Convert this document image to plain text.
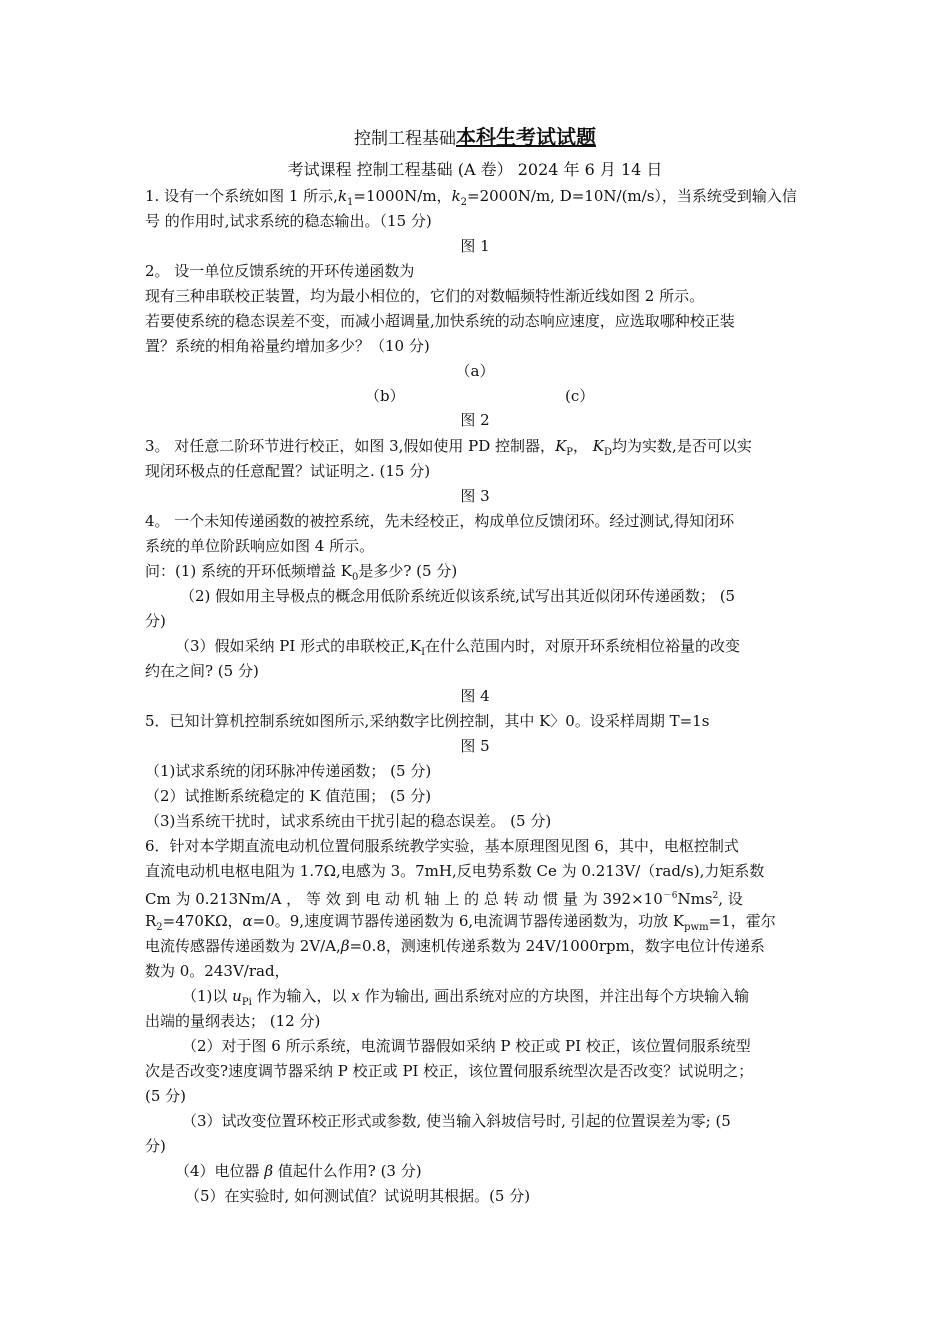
控制工程基础本科生考试试题
考试课程 控制工程基础 (A 卷） 2024 年 6 月 14 日
1. 设有一个系统如图 1 所示$,k_1=1000N/m$，$k_2=2000N/m$, D=10N/(m/s），当系统受到输入信
号 的作用时,试求系统的稳态输出。（15 分)
图 1
2。 设一单位反馈系统的开环传递函数为
现有三种串联校正装置，均为最小相位的，它们的对数幅频特性渐近线如图 2 所示。
若要使系统的稳态误差不变，而减小超调量,加快系统的动态响应速度，应选取哪种校正装
置？系统的相角裕量约增加多少？（10 分)
（a）
（b）	(c）
图 2
3。 对任意二阶环节进行校正，如图 3,假如使用 PD 控制器，$K_P$， $K_D$均为实数,是否可以实
现闭环极点的任意配置？试证明之. (15 分)
图 3
4。 一个未知传递函数的被控系统，先未经校正，构成单位反馈闭环。经过测试,得知闭环
系统的单位阶跃响应如图 4 所示。
问：(1) 系统的开环低频增益 $K_0$是多少? (5 分)
（2) 假如用主导极点的概念用低阶系统近似该系统,试写出其近似闭环传递函数； (5
分)
（3）假如采纳 PI 形式的串联校正$,K_I$在什么范围内时，对原开环系统相位裕量的改变
约在之间? (5 分)
图 4
5．已知计算机控制系统如图所示,采纳数字比例控制，其中 K〉0。设采样周期 T=1s
图 5
（1)试求系统的闭环脉冲传递函数； (5 分)
（2）试推断系统稳定的 K 值范围； (5 分)
（3)当系统干扰时，试求系统由干扰引起的稳态误差。 (5 分)
6．针对本学期直流电动机位置伺服系统教学实验，基本原理图见图 6，其中，电枢控制式
直流电动机电枢电阻为 1.7Ω,电感为 3。7mH,反电势系数 Ce 为 0.213V/（rad/s),力矩系数
Cm 为 0.213Nm/A ， 等 效 到 电 动 机 轴 上 的 总 转 动 惯 量 为 $392\times 10^{-6}Nms^2$, 设
$R_2=470K\Omega$，α=0。9,速度调节器传递函数为 6,电流调节器传递函数为，功放 $K_{pwm}=1$，霍尔
电流传感器传递函数为 2V/A,β=0.8，测速机传递系数为 24V/1000rpm，数字电位计传递系
数为 0。243V/rad，
（1)以 $u_{Pi}$ 作为输入，以 x 作为输出, 画出系统对应的方块图，并注出每个方块输入输
出端的量纲表达； (12 分)
（2）对于图 6 所示系统，电流调节器假如采纳 P 校正或 PI 校正，该位置伺服系统型
次是否改变?速度调节器采纳 P 校正或 PI 校正，该位置伺服系统型次是否改变？试说明之；
(5 分)
（3）试改变位置环校正形式或参数, 使当输入斜坡信号时, 引起的位置误差为零; (5
分)
（4）电位器 β 值起什么作用? (3 分)
（5）在实验时, 如何测试值？试说明其根据。(5 分)
